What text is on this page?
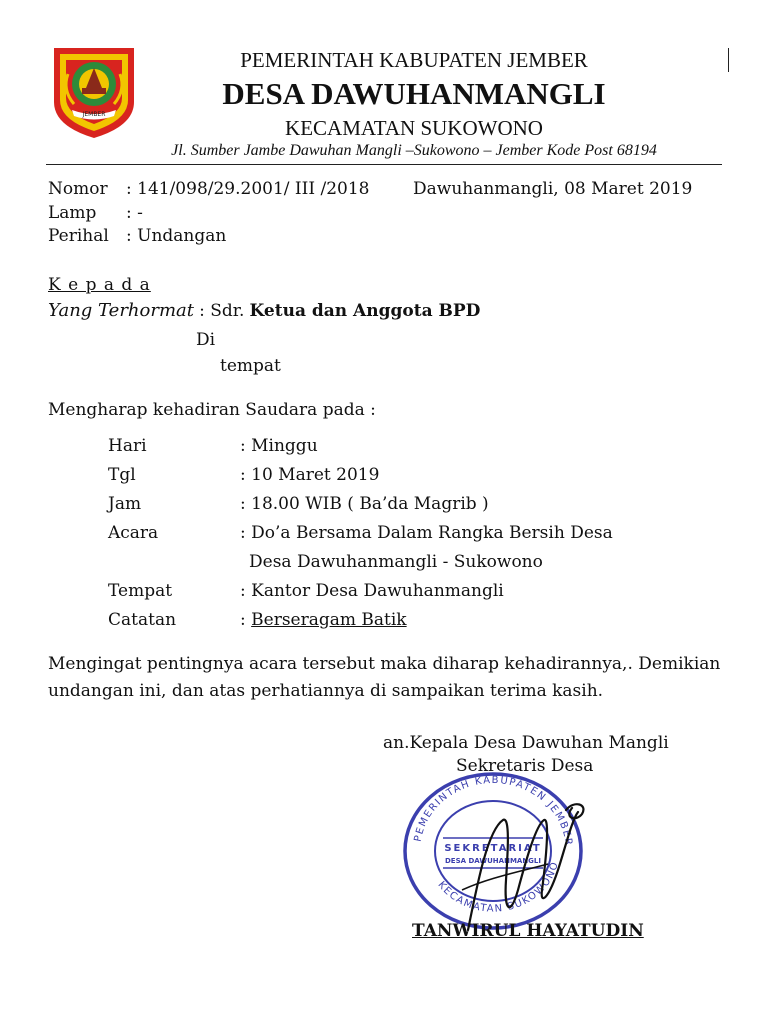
JEMBER
PEMERINTAH KABUPATEN JEMBER
DESA DAWUHANMANGLI
KECAMATAN SUKOWONO
Jl. Sumber Jambe Dawuhan Mangli –Sukowono – Jember Kode Post 68194
Nomor : 141/098/29.2001/ III /2018	Dawuhanmangli, 08 Maret 2019
Lamp : -
Perihal : Undangan
K e p a d a
Yang Terhormat : Sdr. Ketua dan Anggota BPD
Di
tempat
Mengharap kehadiran Saudara pada :
Hari	: Minggu
Tgl	: 10 Maret 2019
Jam	: 18.00 WIB ( Ba’da Magrib )
Acara	: Do’a Bersama Dalam Rangka Bersih Desa
Desa Dawuhanmangli - Sukowono
Tempat	: Kantor Desa Dawuhanmangli
Catatan	: Berseragam Batik
Mengingat pentingnya acara tersebut maka diharap kehadirannya,. Demikian
undangan ini, dan atas perhatiannya di sampaikan terima kasih.
an.Kepala Desa Dawuhan Mangli
Sekretaris Desa
PEMERINTAH KABUPATEN JEMBER
KECAMATAN SUKOWONO
SEKRETARIAT
DESA DAWUHANMANGLI
TANWIRUL HAYATUDIN
